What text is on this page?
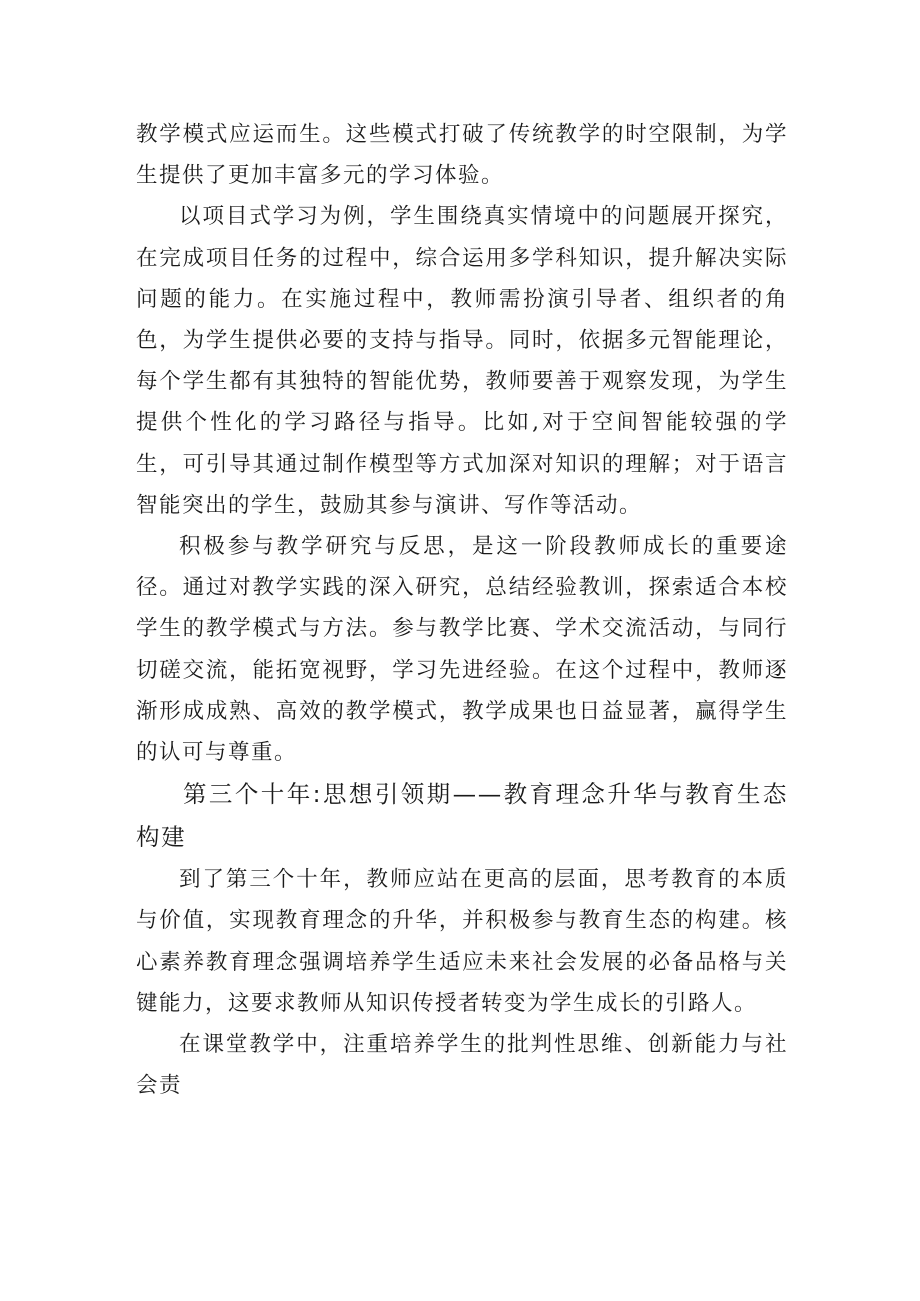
教学模式应运而生。这些模式打破了传统教学的时空限制，为学生提供了更加丰富多元的学习体验。

以项目式学习为例，学生围绕真实情境中的问题展开探究，在完成项目任务的过程中，综合运用多学科知识，提升解决实际问题的能力。在实施过程中，教师需扮演引导者、组织者的角色，为学生提供必要的支持与指导。同时，依据多元智能理论，每个学生都有其独特的智能优势，教师要善于观察发现，为学生提供个性化的学习路径与指导。比如,对于空间智能较强的学生，可引导其通过制作模型等方式加深对知识的理解；对于语言智能突出的学生，鼓励其参与演讲、写作等活动。

积极参与教学研究与反思，是这一阶段教师成长的重要途径。通过对教学实践的深入研究，总结经验教训，探索适合本校学生的教学模式与方法。参与教学比赛、学术交流活动，与同行切磋交流，能拓宽视野，学习先进经验。在这个过程中，教师逐渐形成成熟、高效的教学模式，教学成果也日益显著，赢得学生的认可与尊重。

第三个十年:思想引领期——教育理念升华与教育生态构建

到了第三个十年，教师应站在更高的层面，思考教育的本质与价值，实现教育理念的升华，并积极参与教育生态的构建。核心素养教育理念强调培养学生适应未来社会发展的必备品格与关键能力，这要求教师从知识传授者转变为学生成长的引路人。

在课堂教学中，注重培养学生的批判性思维、创新能力与社会责
